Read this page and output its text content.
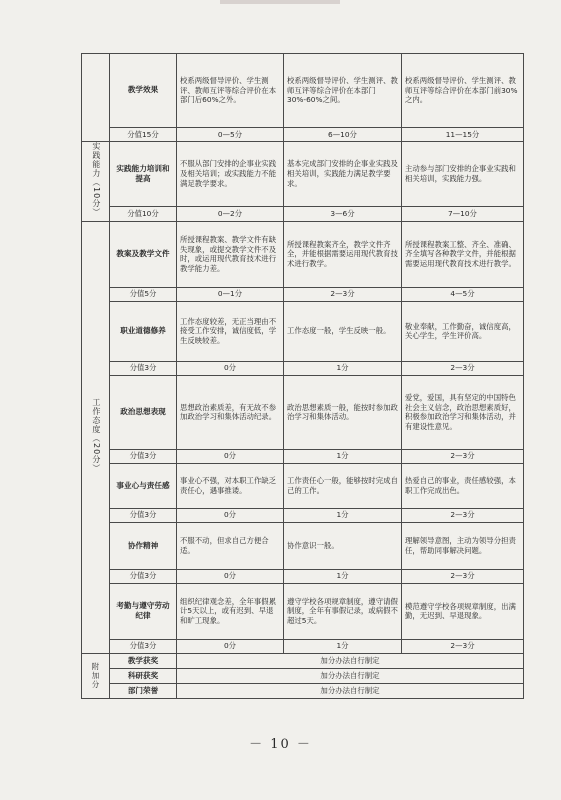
	教学效果	校系两级督导评价、学生测评、教师互评等综合评价在本部门后60%之外。	校系两级督导评价、学生测评、教师互评等综合评价在本部门30%-60%之间。	校系两级督导评价、学生测评、教师互评等综合评价在本部门前30%之内。
	分值15分	0—5分	6—10分	11—15分
实践能力（10分）	实践能力培训和提高	不服从部门安排的企事业实践及相关培训；或实践能力不能满足教学要求。	基本完成部门安排的企事业实践及相关培训，实践能力满足教学要求。	主动参与部门安排的企事业实践和相关培训，实践能力强。
	分值10分	0—2分	3—6分	7—10分
工作态度（20分）	教案及教学文件	所授课程教案、教学文件有缺失现象，或提交教学文件不及时，或运用现代教育技术进行教学能力差。	所授课程教案齐全，教学文件齐全，并能根据需要运用现代教育技术进行教学。	所授课程教案工整、齐全、准确、齐全填写各种教学文件，并能根据需要运用现代教育技术进行教学。
	分值5分	0—1分	2—3分	4—5分
	职业道德修养	工作态度较差，无正当理由不接受工作安排，诚信度低，学生反映较差。	工作态度一般，学生反映一般。	敬业奉献，工作勤奋，诚信度高，关心学生，学生评价高。
	分值3分	0分	1分	2—3分
	政治思想表现	思想政治素质差，有无故不参加政治学习和集体活动纪录。	政治思想素质一般，能按时参加政治学习和集体活动。	爱党，爱国，具有坚定的中国特色社会主义信念，政治思想素质好，积极参加政治学习和集体活动，并有建设性意见。
	分值3分	0分	1分	2—3分
	事业心与责任感	事业心不强，对本职工作缺乏责任心，遇事推诿。	工作责任心一般，能够按时完成自己的工作。	热爱自己的事业，责任感较强，本职工作完成出色。
	分值3分	0分	1分	2—3分
	协作精神	不服不动，但求自己方便合适。	协作意识一般。	理解领导意图，主动为领导分担责任，帮助同事解决问题。
	分值3分	0分	1分	2—3分
	考勤与遵守劳动纪律	组织纪律观念差，全年事假累计5天以上，或有迟到、早退和旷工现象。	遵守学校各项规章制度，遵守请假制度，全年有事假记录，或病假不超过5天。	模范遵守学校各项规章制度，出满勤，无迟到、早退现象。
	分值3分	0分	1分	2—3分
附加分	教学获奖	加分办法自行制定		
	科研获奖	加分办法自行制定		
	部门荣誉	加分办法自行制定		
－ 10 －
